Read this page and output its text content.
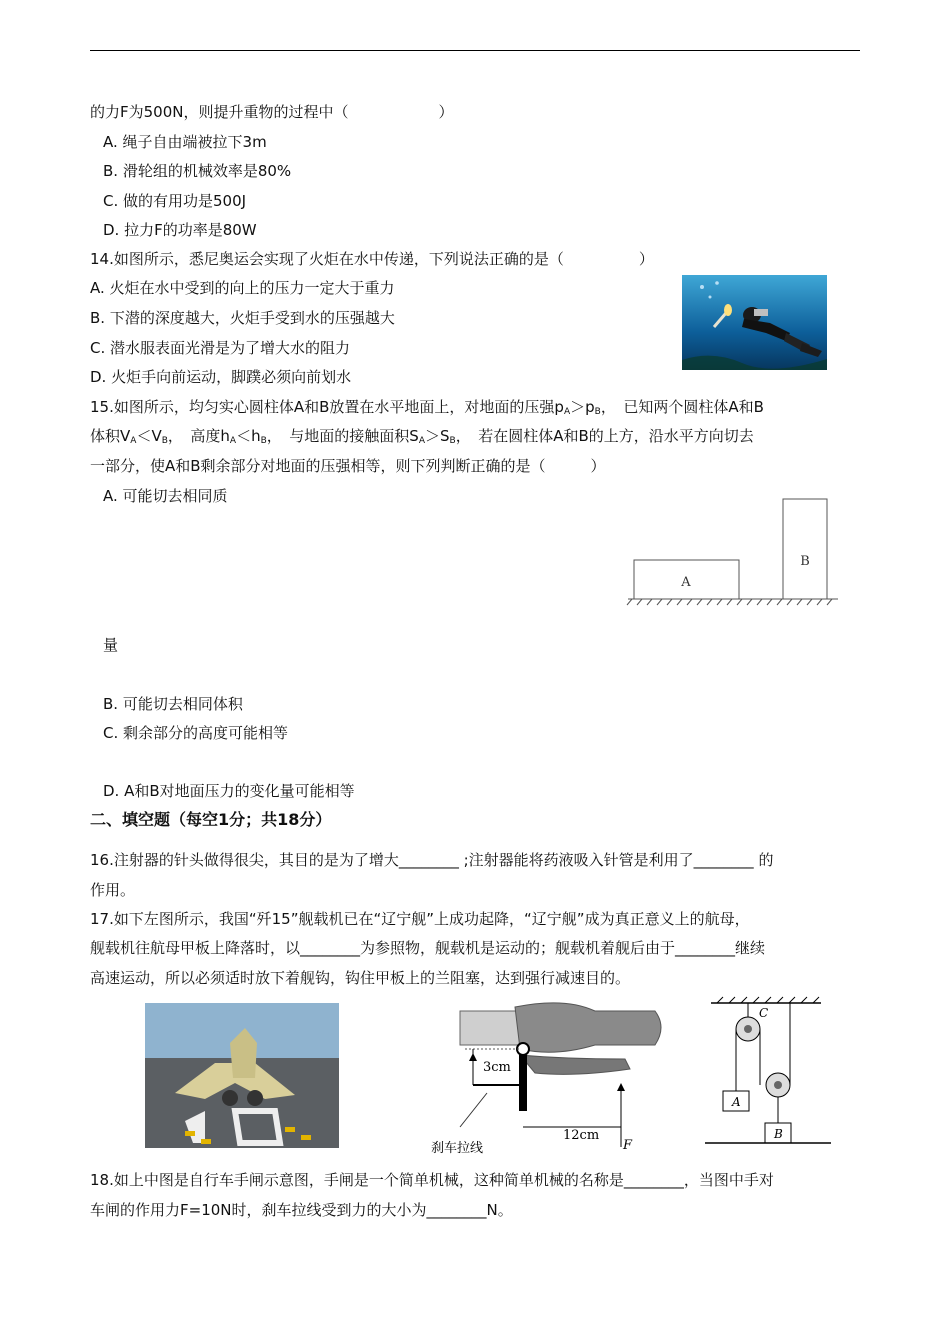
的力F为500N，则提升重物的过程中（　　　　　　）
A. 绳子自由端被拉下3m
B. 滑轮组的机械效率是80%
C. 做的有用功是500J
D. 拉力F的功率是80W
14.如图所示，悉尼奥运会实现了火炬在水中传递，下列说法正确的是（　　　　　）
A. 火炬在水中受到的向上的压力一定大于重力
B. 下潜的深度越大，火炬手受到水的压强越大
C. 潜水服表面光滑是为了增大水的阻力
D. 火炬手向前运动，脚蹼必须向前划水
15.如图所示，均匀实心圆柱体A和B放置在水平地面上，对地面的压强$p_A>p_B$，　已知两个圆柱体A和B
体积$V_A<V_B$，　高度$h_A<h_B$，　与地面的接触面积$S_A>S_B$，　若在圆柱体A和B的上方，沿水平方向切去
一部分，使A和B剩余部分对地面的压强相等，则下列判断正确的是（　　　）
A. 可能切去相同质
A
B
量
B. 可能切去相同体积
C. 剩余部分的高度可能相等
D. A和B对地面压力的变化量可能相等
二、填空题（每空1分；共18分）
16.注射器的针头做得很尖，其目的是为了增大________ ;注射器能将药液吸入针管是利用了________ 的
作用。
17.如下左图所示，我国“歼15”舰载机已在“辽宁舰”上成功起降，“辽宁舰”成为真正意义上的航母，
舰载机往航母甲板上降落时，以________为参照物，舰载机是运动的；舰载机着舰后由于________继续
高速运动，所以必须适时放下着舰钩，钩住甲板上的兰阻塞，达到强行减速目的。
3cm
12cm
F
刹车拉线
C
A
B
18.如上中图是自行车手闸示意图，手闸是一个简单机械，这种简单机械的名称是________，当图中手对
车闸的作用力F=10N时，刹车拉线受到力的大小为________N。
